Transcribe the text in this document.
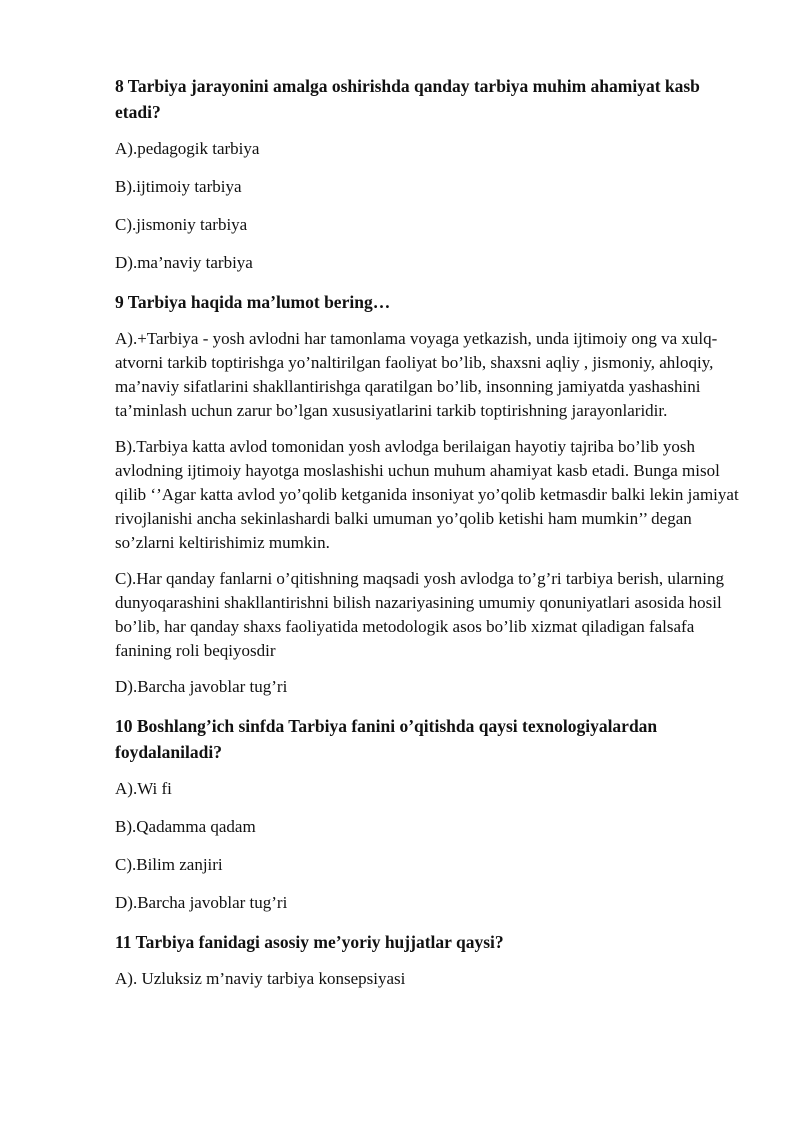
8 Tarbiya jarayonini amalga oshirishda qanday tarbiya muhim ahamiyat kasb etadi?
A).pedagogik tarbiya
B).ijtimoiy tarbiya
C).jismoniy tarbiya
D).ma’naviy tarbiya
9 Tarbiya haqida ma’lumot bering…
A).+Tarbiya - yosh avlodni har tamonlama voyaga yetkazish, unda ijtimoiy ong va xulq-atvorni tarkib toptirishga yo’naltirilgan faoliyat bo’lib, shaxsni aqliy , jismoniy, ahloqiy, ma’naviy sifatlarini shakllantirishga qaratilgan bo’lib, insonning jamiyatda yashashini ta’minlash uchun zarur bo’lgan xususiyatlarini tarkib toptirishning jarayonlaridir.
B).Tarbiya katta avlod tomonidan yosh avlodga berilaigan hayotiy tajriba bo’lib yosh avlodning ijtimoiy hayotga moslashishi uchun muhum ahamiyat kasb etadi. Bunga misol qilib ‘’Agar katta avlod yo’qolib ketganida insoniyat yo’qolib ketmasdir balki lekin jamiyat rivojlanishi ancha sekinlashardi balki umuman yo’qolib ketishi ham mumkin’’ degan so’zlarni keltirishimiz mumkin.
C).Har qanday fanlarni o’qitishning maqsadi yosh avlodga to’g’ri tarbiya berish, ularning dunyoqarashini shakllantirishni bilish nazariyasining umumiy qonuniyatlari asosida hosil bo’lib, har qanday shaxs faoliyatida metodologik asos bo’lib xizmat qiladigan falsafa fanining roli beqiyosdir
D).Barcha javoblar tug’ri
10 Boshlang’ich sinfda Tarbiya fanini o’qitishda qaysi texnologiyalardan foydalaniladi?
A).Wi fi
B).Qadamma qadam
C).Bilim zanjiri
D).Barcha javoblar tug’ri
11 Tarbiya fanidagi asosiy me’yoriy hujjatlar qaysi?
A). Uzluksiz m’naviy tarbiya konsepsiyasi
